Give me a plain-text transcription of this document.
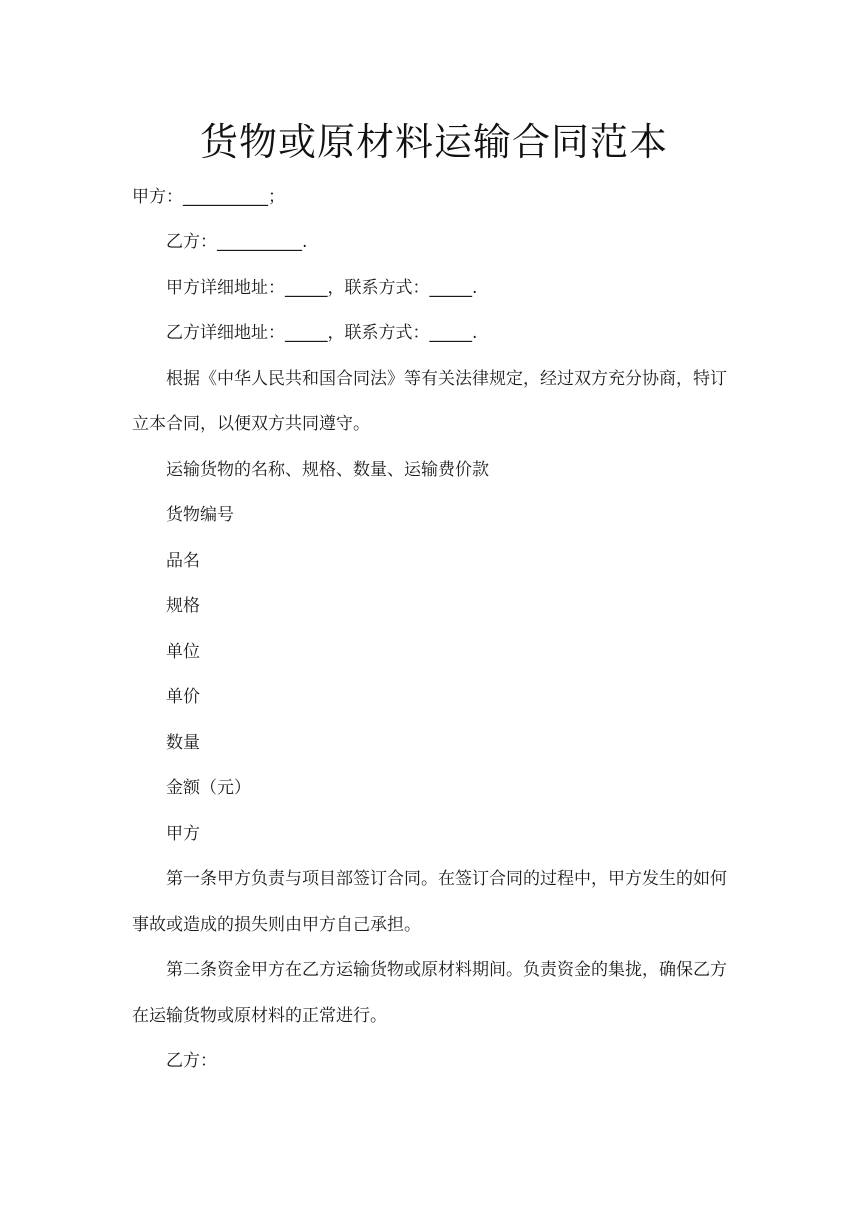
货物或原材料运输合同范本
甲方：__________；
乙方：__________.
甲方详细地址：_____，联系方式：_____.
乙方详细地址：_____，联系方式：_____.
根据《中华人民共和国合同法》等有关法律规定，经过双方充分协商，特订
立本合同，以便双方共同遵守。
运输货物的名称、规格、数量、运输费价款
货物编号
品名
规格
单位
单价
数量
金额（元）
甲方
第一条甲方负责与项目部签订合同。在签订合同的过程中，甲方发生的如何
事故或造成的损失则由甲方自己承担。
第二条资金甲方在乙方运输货物或原材料期间。负责资金的集拢，确保乙方
在运输货物或原材料的正常进行。
乙方：
